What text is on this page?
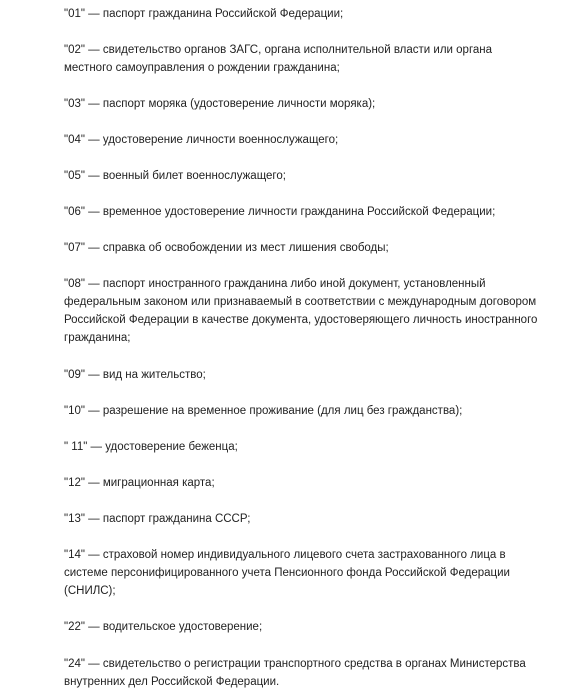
"01" — паспорт гражданина Российской Федерации;
"02" — свидетельство органов ЗАГС, органа исполнительной власти или органа
местного самоуправления о рождении гражданина;
"03" — паспорт моряка (удостоверение личности моряка);
"04" — удостоверение личности военнослужащего;
"05" — военный билет военнослужащего;
"06" — временное удостоверение личности гражданина Российской Федерации;
"07" — справка об освобождении из мест лишения свободы;
"08" — паспорт иностранного гражданина либо иной документ, установленный
федеральным законом или признаваемый в соответствии с международным договором
Российской Федерации в качестве документа, удостоверяющего личность иностранного
гражданина;
"09" — вид на жительство;
"10" — разрешение на временное проживание (для лиц без гражданства);
" 11" — удостоверение беженца;
"12" — миграционная карта;
"13" — паспорт гражданина СССР;
"14" — страховой номер индивидуального лицевого счета застрахованного лица в
системе персонифицированного учета Пенсионного фонда Российской Федерации
(СНИЛС);
"22" — водительское удостоверение;
"24" — свидетельство о регистрации транспортного средства в органах Министерства
внутренних дел Российской Федерации.
